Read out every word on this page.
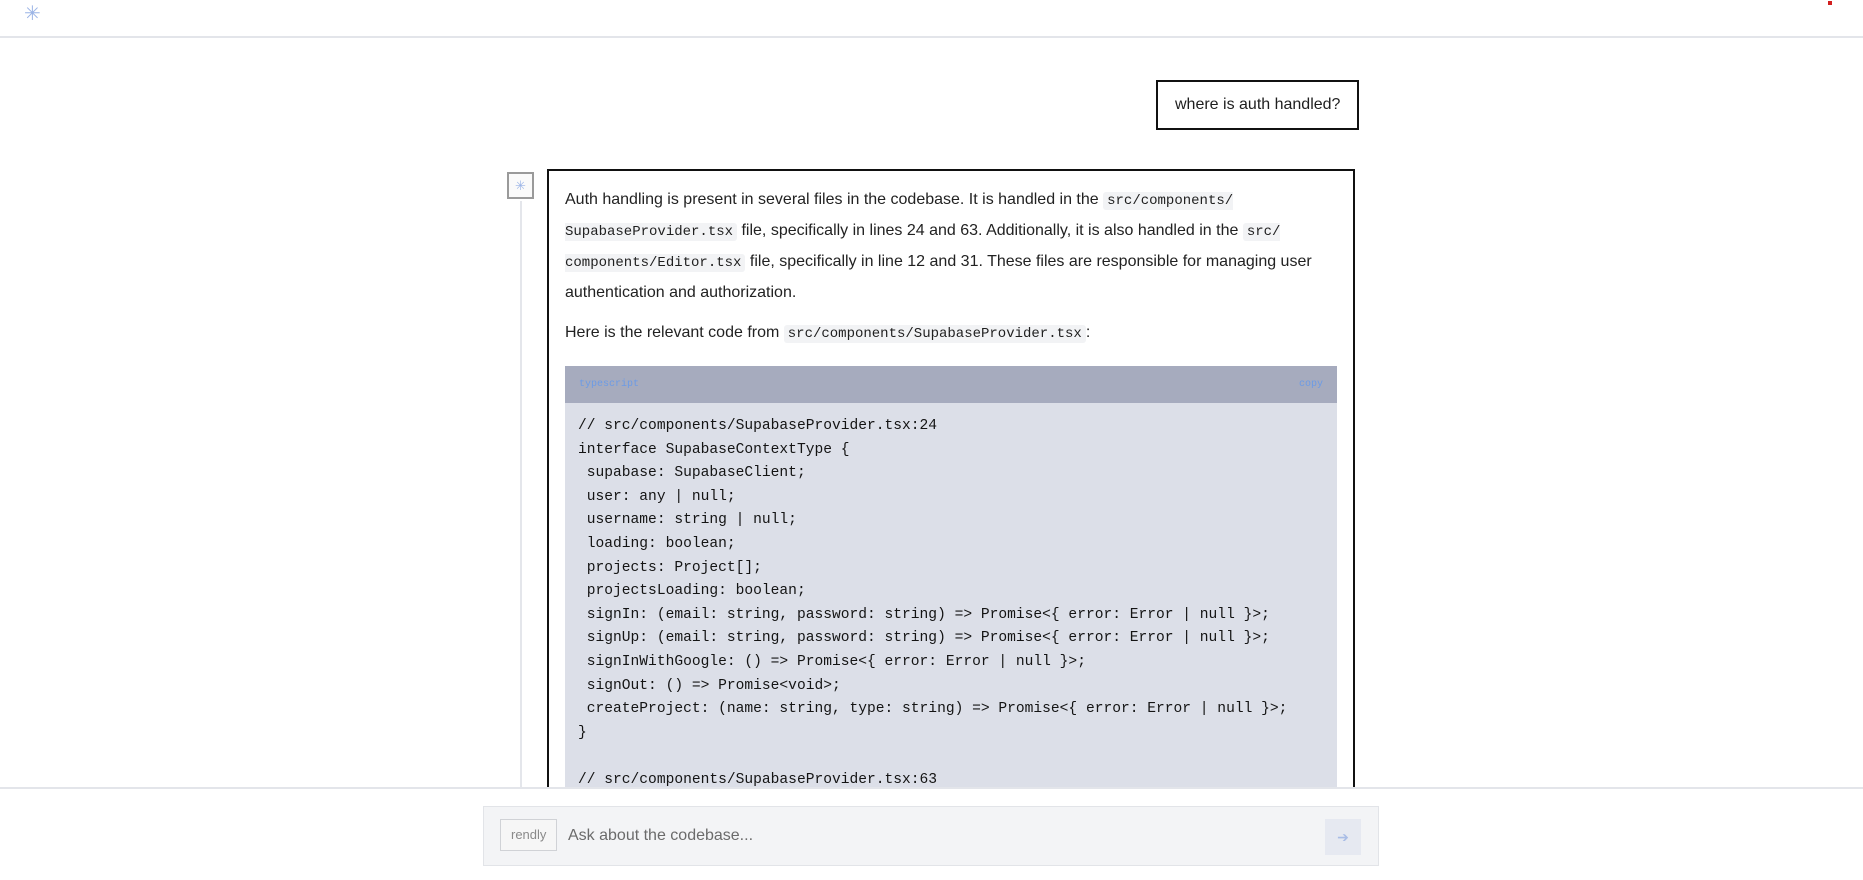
✳
where is auth handled?
✳

Auth handling is present in several files in the codebase. It is handled in the src/components/​SupabaseProvider.tsx file, specifically in lines 24 and 63. Additionally, it is also handled in the src/​components/Editor.tsx file, specifically in line 12 and 31. These files are responsible for managing user authentication and authorization.

Here is the relevant code from src/components/SupabaseProvider.tsx :

typescript	copy
// src/components/SupabaseProvider.tsx:24
interface SupabaseContextType {
supabase: SupabaseClient;
user: any | null;
username: string | null;
loading: boolean;
projects: Project[];
projectsLoading: boolean;
signIn: (email: string, password: string) => Promise<{ error: Error | null }>;
signUp: (email: string, password: string) => Promise<{ error: Error | null }>;
signInWithGoogle: () => Promise<{ error: Error | null }>;
signOut: () => Promise<void>;
createProject: (name: string, type: string) => Promise<{ error: Error | null }>;
}

// src/components/SupabaseProvider.tsx:63
rendly
Ask about the codebase...	➔
